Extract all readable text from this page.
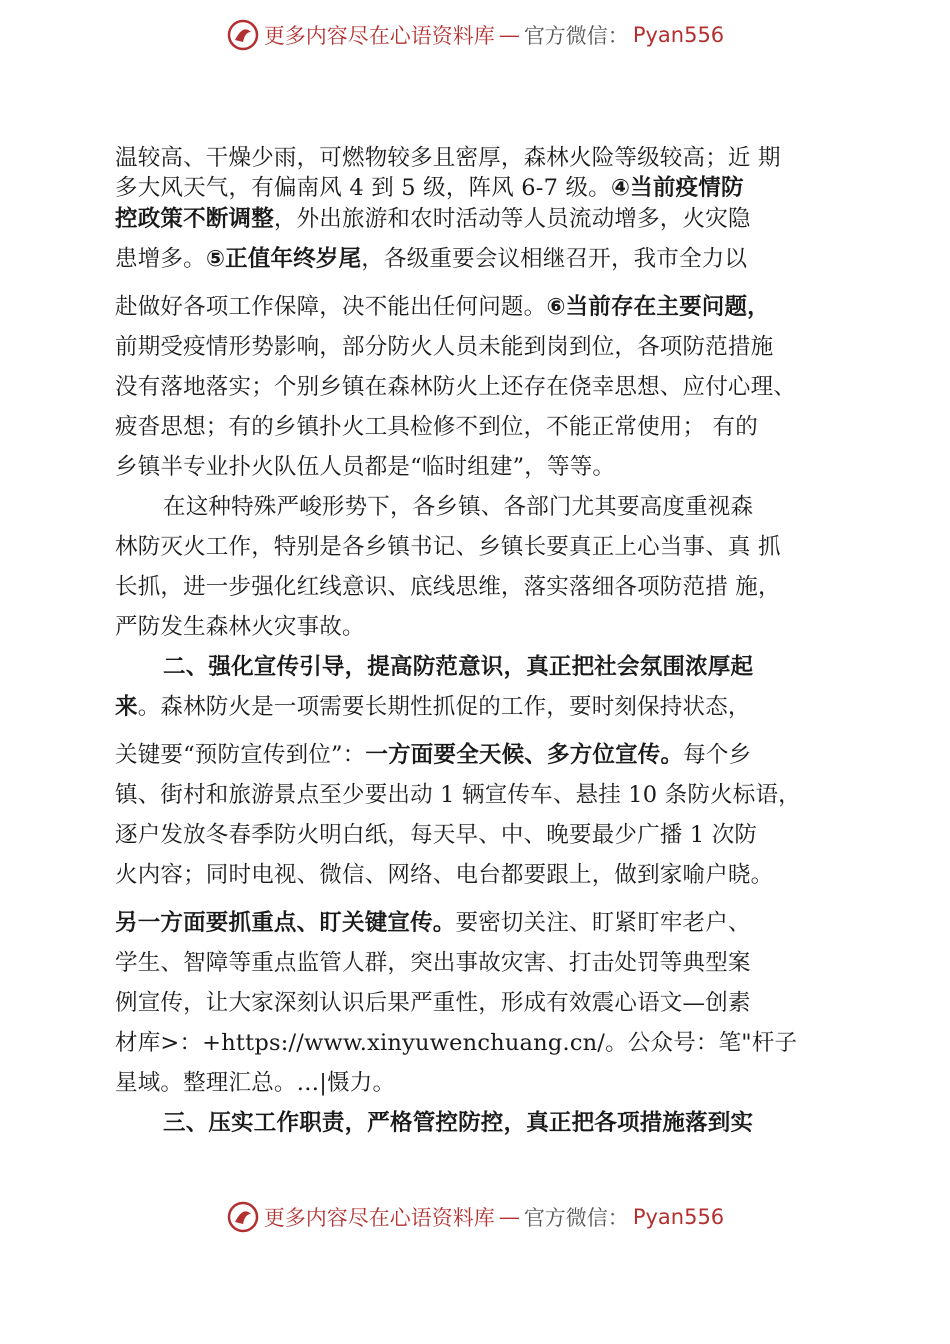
更多内容尽在心语资料库 — 官方微信： Pyan556
温较高、干燥少雨，可燃物较多且密厚，森林火险等级较高；近 期
多大风天气，有偏南风 4 到 5 级，阵风 6-7 级。④当前疫情防
控政策不断调整，外出旅游和农时活动等人员流动增多，火灾隐
患增多。⑤正值年终岁尾，各级重要会议相继召开，我市全力以
赴做好各项工作保障，决不能出任何问题。⑥当前存在主要问题，
前期受疫情形势影响，部分防火人员未能到岗到位，各项防范措施
没有落地落实；个别乡镇在森林防火上还存在侥幸思想、应付心理、
疲沓思想；有的乡镇扑火工具检修不到位，不能正常使用； 有的
乡镇半专业扑火队伍人员都是“临时组建”，等等。
在这种特殊严峻形势下，各乡镇、各部门尤其要高度重视森
林防灭火工作，特别是各乡镇书记、乡镇长要真正上心当事、真 抓
长抓，进一步强化红线意识、底线思维，落实落细各项防范措 施，
严防发生森林火灾事故。
二、强化宣传引导，提高防范意识，真正把社会氛围浓厚起
来。森林防火是一项需要长期性抓促的工作，要时刻保持状态，
关键要“预防宣传到位”：一方面要全天候、多方位宣传。每个乡
镇、街村和旅游景点至少要出动 1 辆宣传车、悬挂 10 条防火标语，
逐户发放冬春季防火明白纸，每天早、中、晚要最少广播 1 次防
火内容；同时电视、微信、网络、电台都要跟上，做到家喻户晓。
另一方面要抓重点、盯关键宣传。要密切关注、盯紧盯牢老户、
学生、智障等重点监管人群，突出事故灾害、打击处罚等典型案
例宣传，让大家深刻认识后果严重性，形成有效震心语文—创素
材库>：+https://www.xinyuwenchuang.cn/。公众号：笔"杆子
星域。整理汇总。…|慑力。
三、压实工作职责，严格管控防控，真正把各项措施落到实
更多内容尽在心语资料库 — 官方微信： Pyan556
